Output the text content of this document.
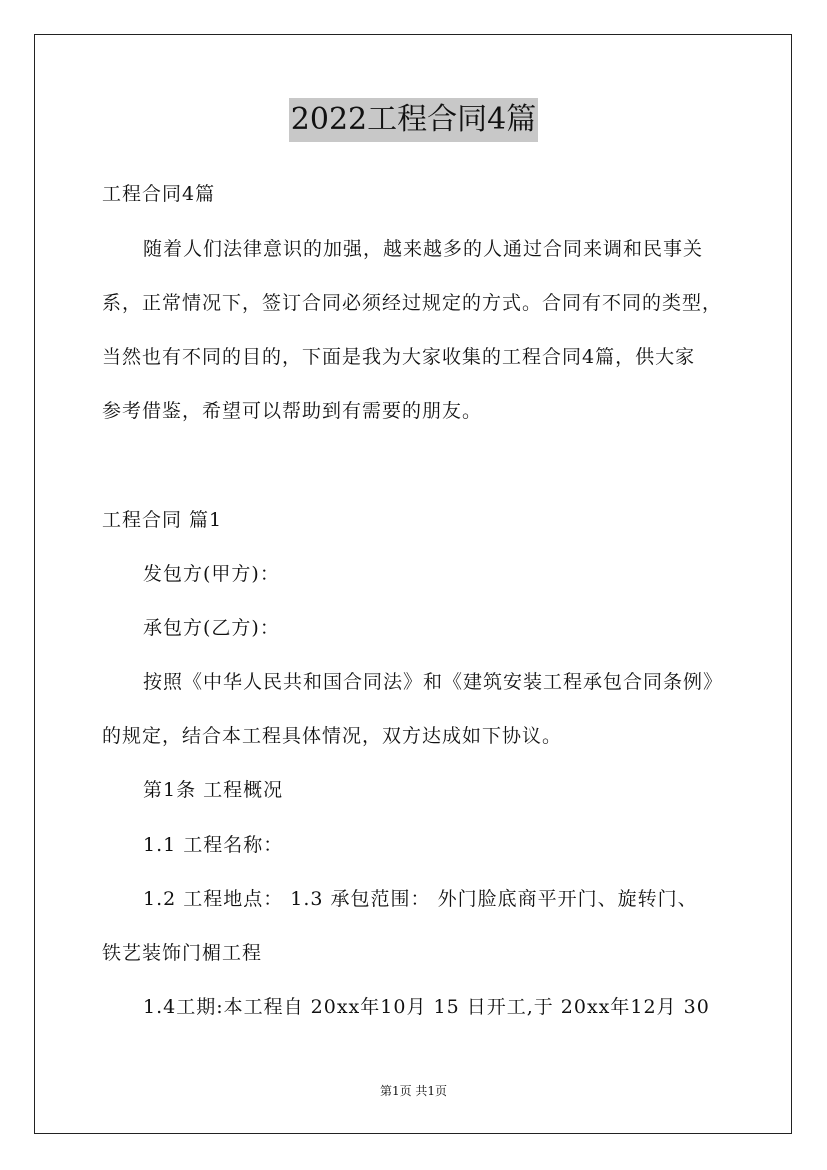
2022工程合同4篇
工程合同4篇
随着人们法律意识的加强，越来越多的人通过合同来调和民事关
系，正常情况下，签订合同必须经过规定的方式。合同有不同的类型，
当然也有不同的目的，下面是我为大家收集的工程合同4篇，供大家
参考借鉴，希望可以帮助到有需要的朋友。
工程合同 篇1
发包方(甲方)：
承包方(乙方)：
按照《中华人民共和国合同法》和《建筑安装工程承包合同条例》
的规定，结合本工程具体情况，双方达成如下协议。
第1条 工程概况
1.1 工程名称：
1.2 工程地点： 1.3 承包范围： 外门脸底商平开门、旋转门、
铁艺装饰门楣工程
1.4工期:本工程自 20xx年10月 15 日开工,于 20xx年12月 30
第1页 共1页
